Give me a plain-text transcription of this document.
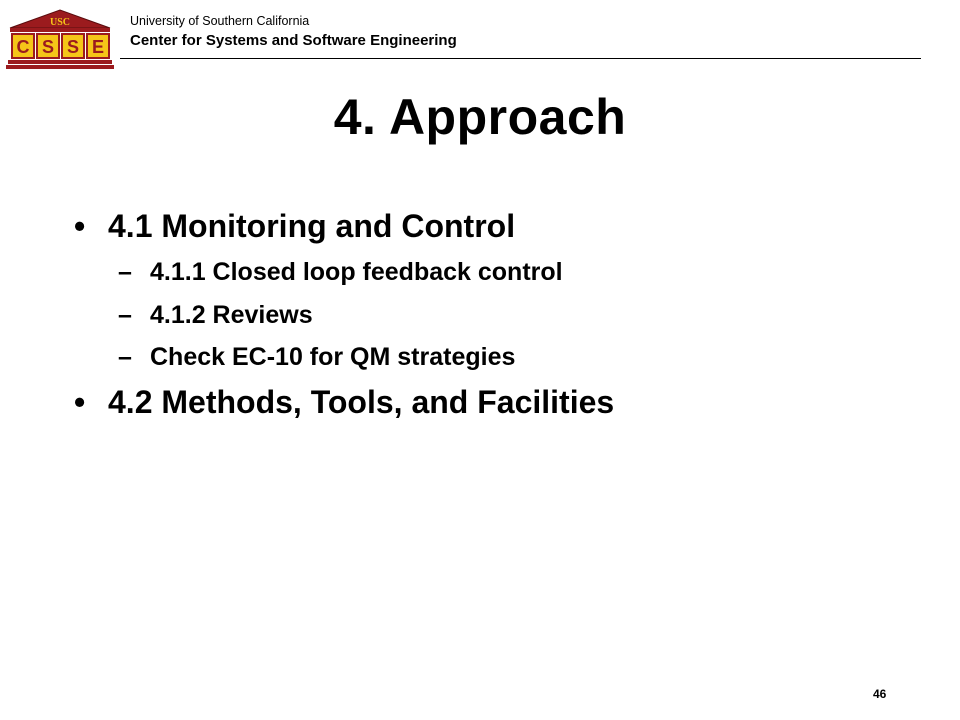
USC
C S S E
University of Southern California
Center for Systems and Software Engineering
4. Approach
• 4.1 Monitoring and Control
– 4.1.1 Closed loop feedback control
– 4.1.2 Reviews
– Check EC-10 for QM strategies
• 4.2 Methods, Tools, and Facilities
46
